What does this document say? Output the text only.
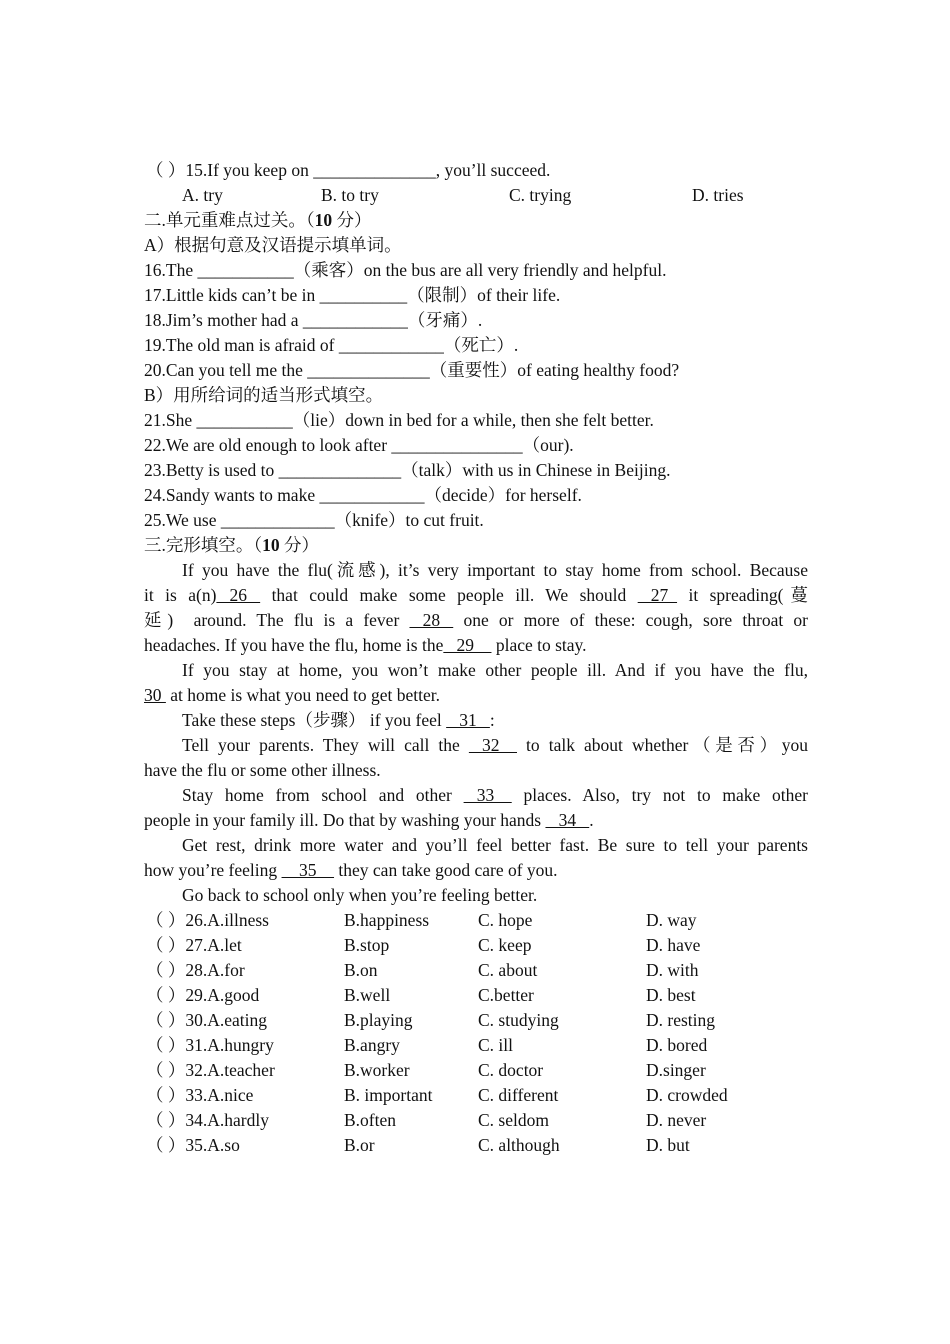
（ ）15.If you keep on ______________, you’ll succeed.
A. try	B. to try	C. trying	D. tries
二.单元重难点过关。（10 分）
A）根据句意及汉语提示填单词。
16.The ___________（乘客）on the bus are all very friendly and helpful.
17.Little kids can’t be in __________（限制）of their life.
18.Jim’s mother had a ____________（牙痛）.
19.The old man is afraid of ____________（死亡）.
20.Can you tell me the ______________（重要性）of eating healthy food?
B）用所给词的适当形式填空。
21.She ___________（lie）down in bed for a while, then she felt better.
22.We are old enough to look after _______________（our).
23.Betty is used to ______________（talk）with us in Chinese in Beijing.
24.Sandy wants to make ____________（decide）for herself.
25.We use _____________（knife）to cut fruit.
三.完形填空。（10 分）
If you have the flu(流感), it’s very important to stay home from school. Because
it is a(n)   26    that could make some people ill. We should    27   it spreading(蔓
延)  around. The flu is a fever    28    one or more of these: cough, sore throat or
headaches. If you have the flu, home is the   29     place to stay.
If you stay at home, you won’t make other people ill. And if you have the flu,
30  at home is what you need to get better.
Take these steps（步骤） if you feel    31   :
Tell your parents. They will call the    32     to talk about whether（是否）you
have the flu or some other illness.
Stay home from school and other    33     places. Also, try not to make other
people in your family ill. Do that by washing your hands    34   .
Get rest, drink more water and you’ll feel better fast. Be sure to tell your parents
how you’re feeling     35     they can take good care of you.
Go back to school only when you’re feeling better.
（ ）26.A.illness	B.happiness	C. hope	D. way
（ ）27.A.let	B.stop	C. keep	D. have
（ ）28.A.for	B.on	C. about	D. with
（ ）29.A.good	B.well	C.better	D. best
（ ）30.A.eating	B.playing	C. studying	D. resting
（ ）31.A.hungry	B.angry	C. ill	D. bored
（ ）32.A.teacher	B.worker	C. doctor	D.singer
（ ）33.A.nice	B. important	C. different	D. crowded
（ ）34.A.hardly	B.often	C. seldom	D. never
（ ）35.A.so	B.or	C. although	D. but
